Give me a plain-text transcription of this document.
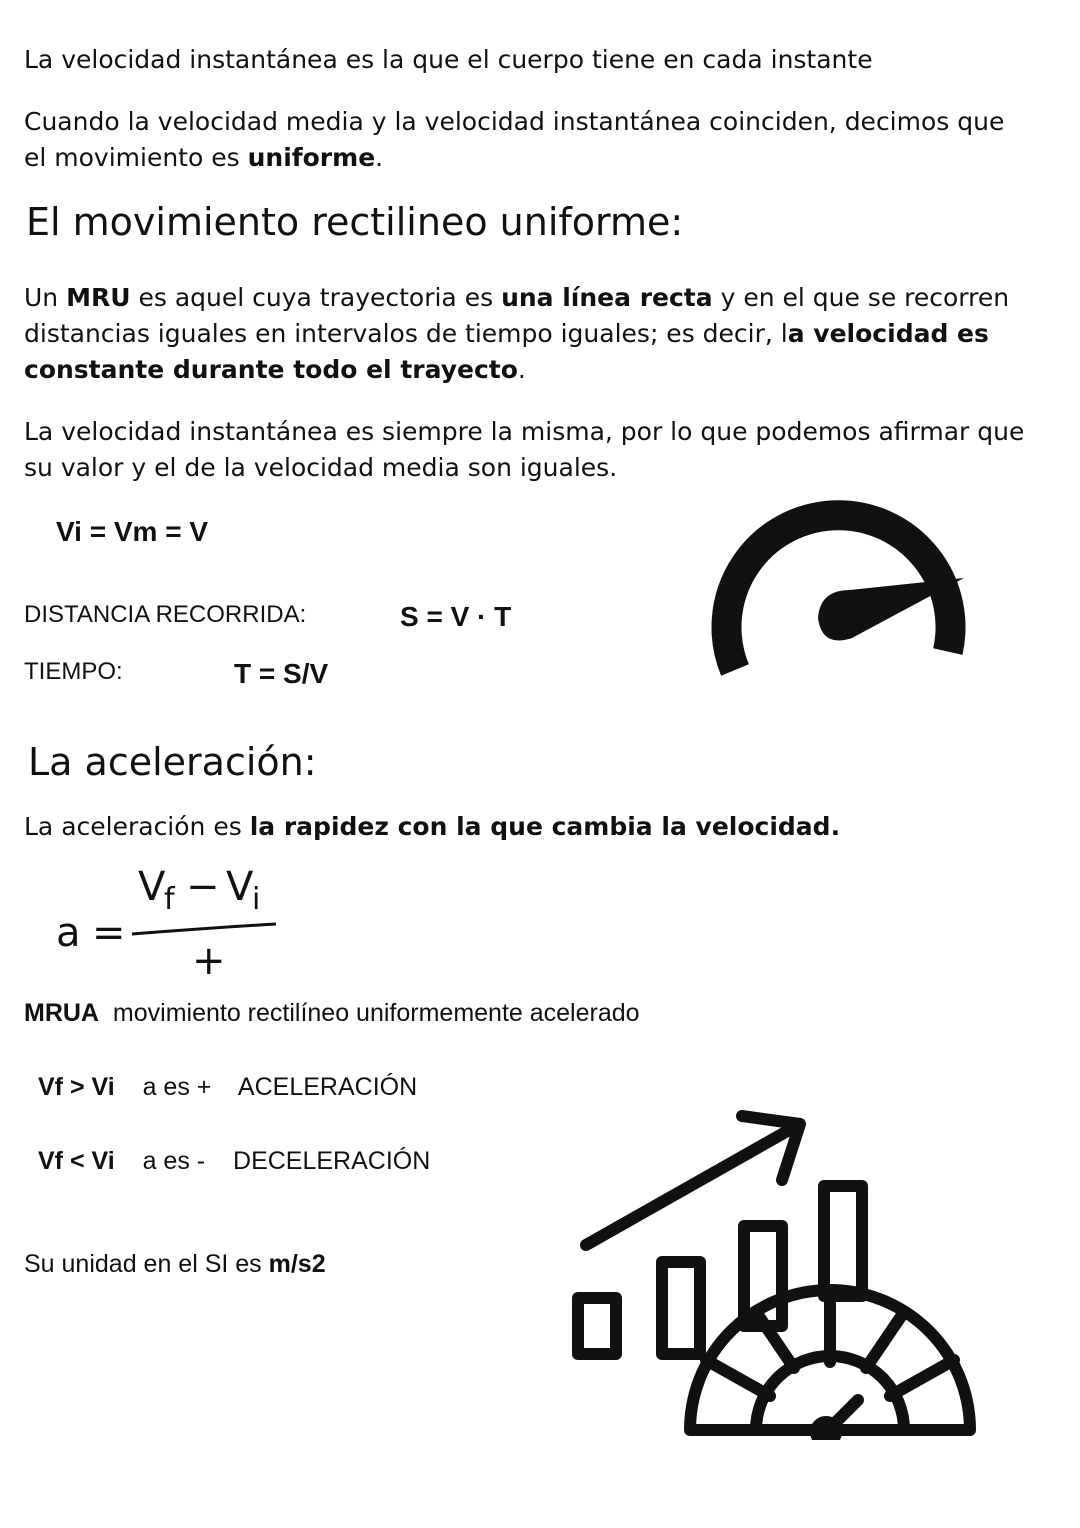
La velocidad instantánea es la que el cuerpo tiene en cada instante

Cuando la velocidad media y la velocidad instantánea coinciden, decimos que el movimiento es uniforme.

El movimiento rectilineo uniforme:

Un MRU es aquel cuya trayectoria es una línea recta y en el que se recorren distancias iguales en intervalos de tiempo iguales; es decir, la velocidad es constante durante todo el trayecto.

La velocidad instantánea es siempre la misma, por lo que podemos afirmar que su valor y el de la velocidad media son iguales.

Vi = Vm = V
DISTANCIA RECORRIDA:	S = V · T
TIEMPO:	T = S/V
La aceleración:

La aceleración es la rapidez con la que cambia la velocidad.

a =
V
f − V
i
+
MRUA movimiento rectilíneo uniformemente acelerado
Vf > Vi a es + ACELERACIÓN
Vf < Vi a es - DECELERACIÓN
Su unidad en el SI es m/s2
